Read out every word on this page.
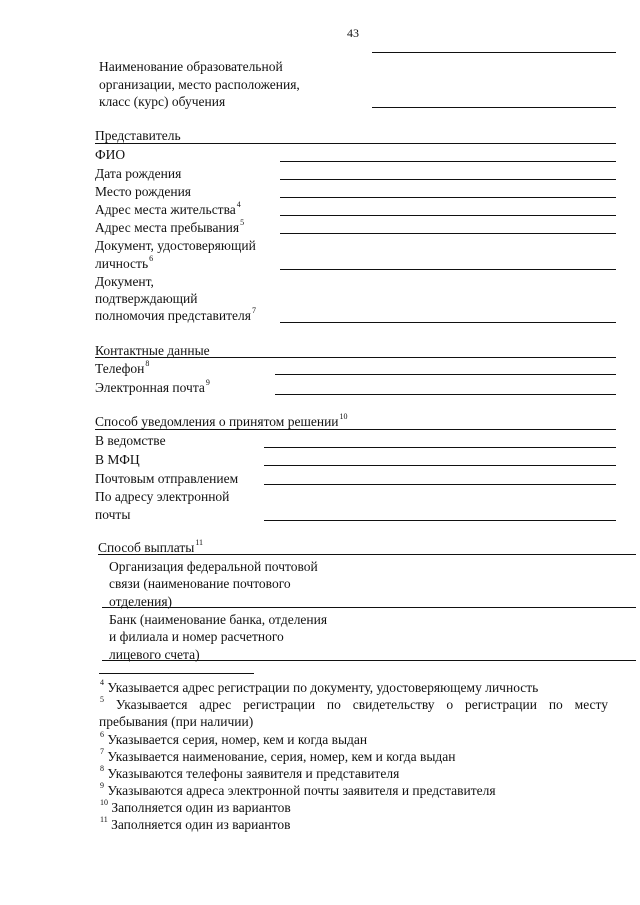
43
Наименование образовательной
организации, место расположения,
класс (курс) обучения
Представитель
ФИО
Дата рождения
Место рождения
Адрес места жительства$^4$
Адрес места пребывания$^5$
Документ, удостоверяющий
личность$^6$
Документ,
подтверждающий
полномочия представителя$^7$
Контактные данные
Телефон$^8$
Электронная почта$^9$
Способ уведомления о принятом решении$^{10}$
В ведомстве
В МФЦ
Почтовым отправлением
По адресу электронной
почты
Способ выплаты$^{11}$
Организация федеральной почтовой
связи (наименование почтового
отделения)
Банк (наименование банка, отделения
и филиала и номер расчетного
лицевого счета)
$^4$ Указывается адрес регистрации по документу, удостоверяющему личность
$^5$ Указывается адрес регистрации по свидетельству о регистрации по месту
пребывания (при наличии)
$^6$ Указывается серия, номер, кем и когда выдан
$^7$ Указывается наименование, серия, номер, кем и когда выдан
$^8$ Указываются телефоны заявителя и представителя
$^9$ Указываются адреса электронной почты заявителя и представителя
$^{10}$ Заполняется один из вариантов
$^{11}$ Заполняется один из вариантов
